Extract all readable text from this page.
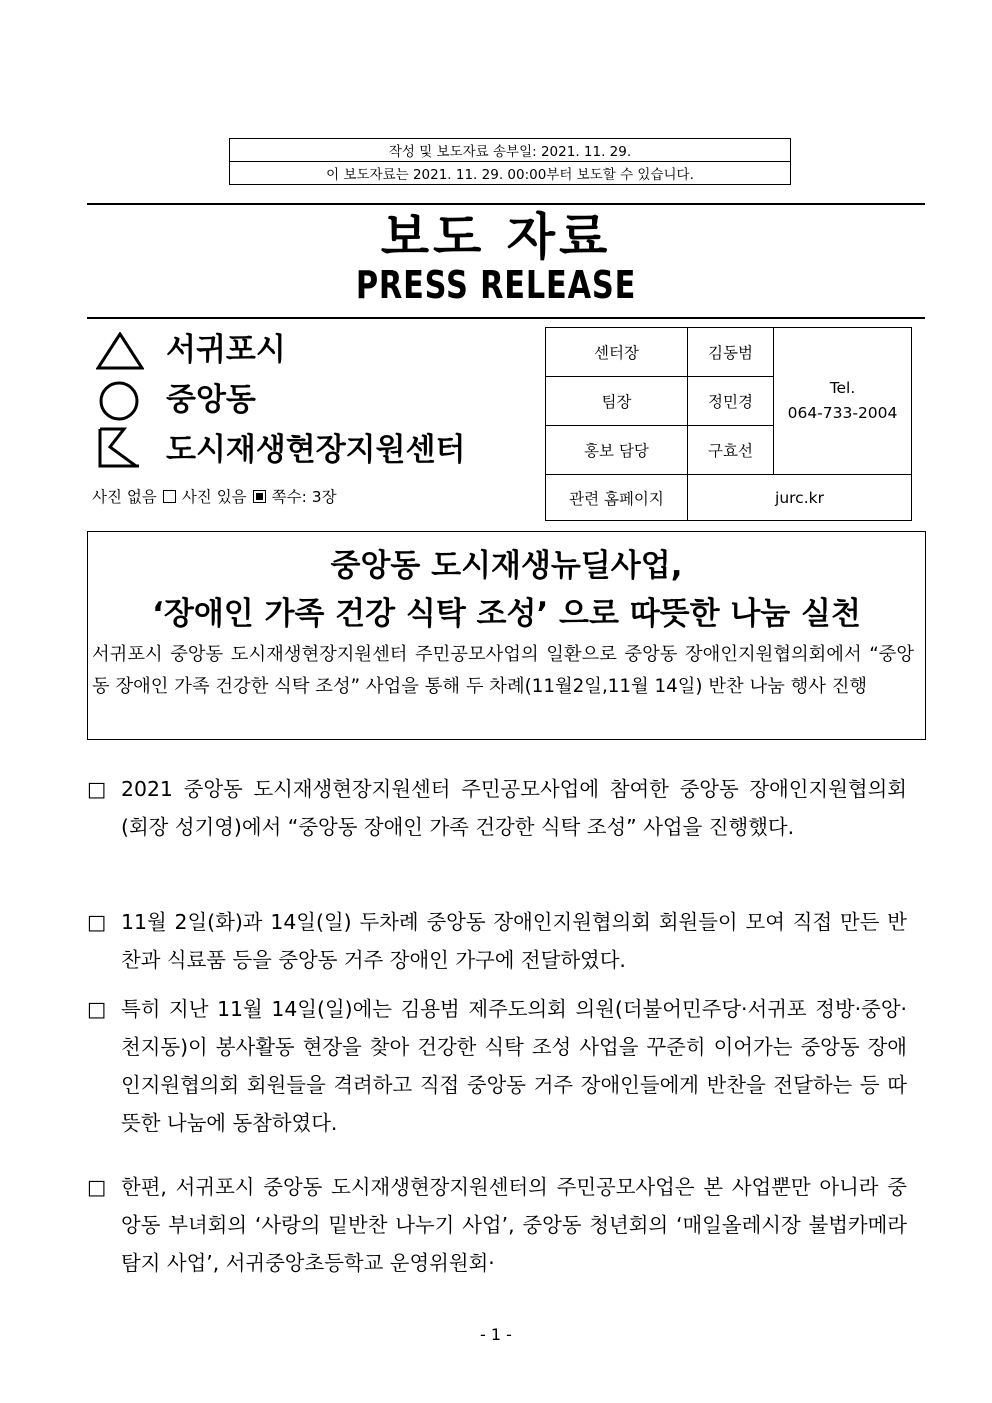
작성 및 보도자료 송부일: 2021. 11. 29.
이 보도자료는 2021. 11. 29. 00:00부터 보도할 수 있습니다.
보도 자료
PRESS RELEASE
서귀포시
중앙동
도시재생현장지원센터
사진 없음 사진 있음 쪽수: 3장
센터장	김동범	Tel.
064-733-2004

팀장	정민경	
홍보 담당	구효선	
관련 홈페이지	jurc.kr	
중앙동 도시재생뉴딜사업,
‘장애인 가족 건강 식탁 조성’ 으로 따뜻한 나눔 실천
서귀포시 중앙동 도시재생현장지원센터 주민공모사업의 일환으로 중앙동 장애인지원협의회에서 “중앙동 장애인 가족 건강한 식탁 조성” 사업을 통해 두 차례(11월2일,11월 14일) 반찬 나눔 행사 진행
□ 2021 중앙동 도시재생현장지원센터 주민공모사업에 참여한 중앙동 장애인지원협의회(회장 성기영)에서 “중앙동 장애인 가족 건강한 식탁 조성” 사업을 진행했다.
□ 11월 2일(화)과 14일(일) 두차례 중앙동 장애인지원협의회 회원들이 모여 직접 만든 반찬과 식료품 등을 중앙동 거주 장애인 가구에 전달하였다.
□ 특히 지난 11월 14일(일)에는 김용범 제주도의회 의원(더불어민주당·서귀포 정방·중앙·천지동)이 봉사활동 현장을 찾아 건강한 식탁 조성 사업을 꾸준히 이어가는 중앙동 장애인지원협의회 회원들을 격려하고 직접 중앙동 거주 장애인들에게 반찬을 전달하는 등 따뜻한 나눔에 동참하였다.
□ 한편, 서귀포시 중앙동 도시재생현장지원센터의 주민공모사업은 본 사업뿐만 아니라 중앙동 부녀회의 ‘사랑의 밑반찬 나누기 사업’, 중앙동 청년회의 ‘매일올레시장 불법카메라 탐지 사업’, 서귀중앙초등학교 운영위원회·
- 1 -
